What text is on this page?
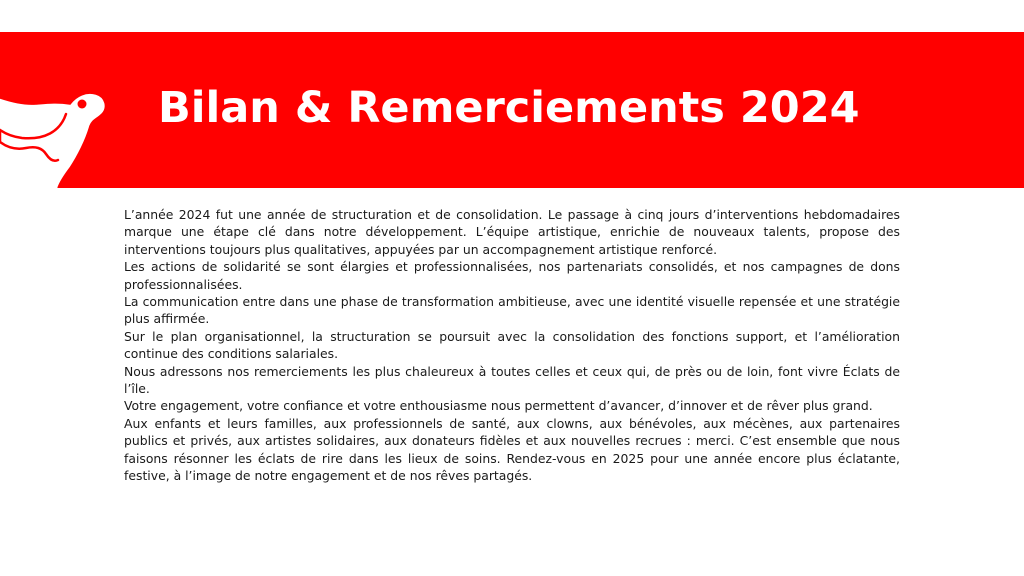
Bilan & Remerciements 2024

L’année 2024 fut une année de structuration et de consolidation. Le passage à cinq jours d’interventions hebdomadaires marque une étape clé dans notre développement. L’équipe artistique, enrichie de nouveaux talents, propose des interventions toujours plus qualitatives, appuyées par un accompagnement artistique renforcé.

Les actions de solidarité se sont élargies et professionnalisées, nos partenariats consolidés, et nos campagnes de dons professionnalisées.

La communication entre dans une phase de transformation ambitieuse, avec une identité visuelle repensée et une stratégie plus affirmée.

Sur le plan organisationnel, la structuration se poursuit avec la consolidation des fonctions support, et l’amélioration continue des conditions salariales.

Nous adressons nos remerciements les plus chaleureux à toutes celles et ceux qui, de près ou de loin, font vivre Éclats de l’île.

Votre engagement, votre confiance et votre enthousiasme nous permettent d’avancer, d’innover et de rêver plus grand.

Aux enfants et leurs familles, aux professionnels de santé, aux clowns, aux bénévoles, aux mécènes, aux partenaires publics et privés, aux artistes solidaires, aux donateurs fidèles et aux nouvelles recrues : merci. C’est ensemble que nous faisons résonner les éclats de rire dans les lieux de soins. Rendez-vous en 2025 pour une année encore plus éclatante, festive, à l’image de notre engagement et de nos rêves partagés.
